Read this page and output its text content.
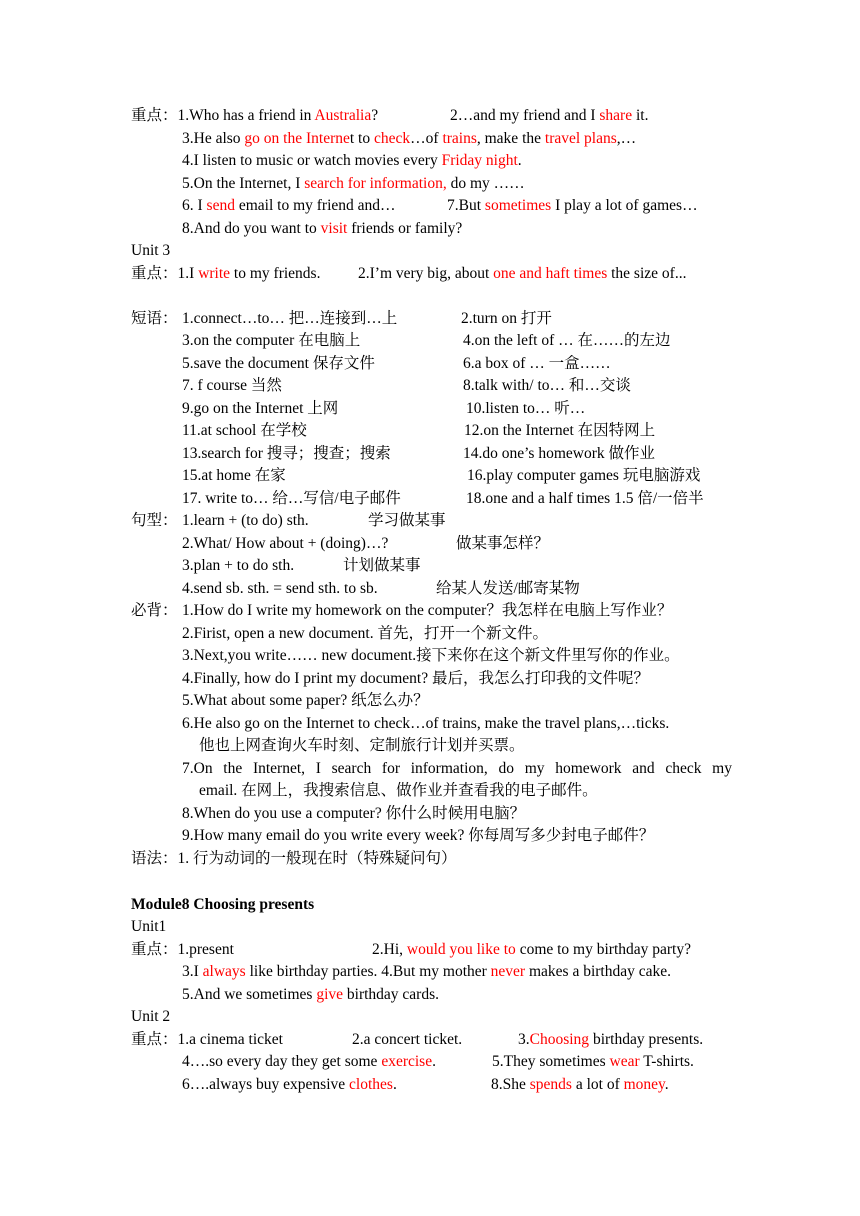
重点：1.Who has a friend in Australia?	2…and my friend and I share it.
3.He also go on the Internet to check…of trains, make the travel plans,…
4.I listen to music or watch movies every Friday night.
5.On the Internet, I search for information, do my ……
6. I send email to my friend and…	7.But sometimes I play a lot of games…
8.And do you want to visit friends or family?
Unit 3
重点：1.I write to my friends. 2.I’m very big, about one and haft times the size of...
短语： 1.connect…to… 把…连接到…上	2.turn on 打开
3.on the computer 在电脑上	4.on the left of … 在……的左边
5.save the document 保存文件	6.a box of … 一盒……
7. f course 当然	8.talk with/ to… 和…交谈
9.go on the Internet 上网	10.listen to… 听…
11.at school 在学校	12.on the Internet 在因特网上
13.search for 搜寻；搜查；搜索	14.do one’s homework 做作业
15.at home 在家	16.play computer games 玩电脑游戏
17. write to… 给…写信/电子邮件	18.one and a half times 1.5 倍/一倍半
句型： 1.learn + (to do) sth.	学习做某事
2.What/ How about + (doing)…?	做某事怎样？
3.plan + to do sth.	计划做某事
4.send sb. sth. = send sth. to sb.	给某人发送/邮寄某物
必背： 1.How do I write my homework on the computer？我怎样在电脑上写作业？
2.Firist, open a new document. 首先，打开一个新文件。
3.Next,you write…… new document.接下来你在这个新文件里写你的作业。
4.Finally, how do I print my document? 最后，我怎么打印我的文件呢？
5.What about some paper? 纸怎么办？
6.He also go on the Internet to check…of trains, make the travel plans,…ticks.
他也上网查询火车时刻、定制旅行计划并买票。
7.On the Internet, I search for information, do my homework and check my
email. 在网上，我搜索信息、做作业并查看我的电子邮件。
8.When do you use a computer? 你什么时候用电脑？
9.How many email do you write every week? 你每周写多少封电子邮件？
语法：1. 行为动词的一般现在时（特殊疑问句）
Module8 Choosing presents
Unit1
重点：1.present	2.Hi, would you like to come to my birthday party?
3.I always like birthday parties. 4.But my mother never makes a birthday cake.
5.And we sometimes give birthday cards.
Unit 2
重点：1.a cinema ticket	2.a concert ticket.	3.Choosing birthday presents.
4….so every day they get some exercise.	5.They sometimes wear T-shirts.
6….always buy expensive clothes.	8.She spends a lot of money.
